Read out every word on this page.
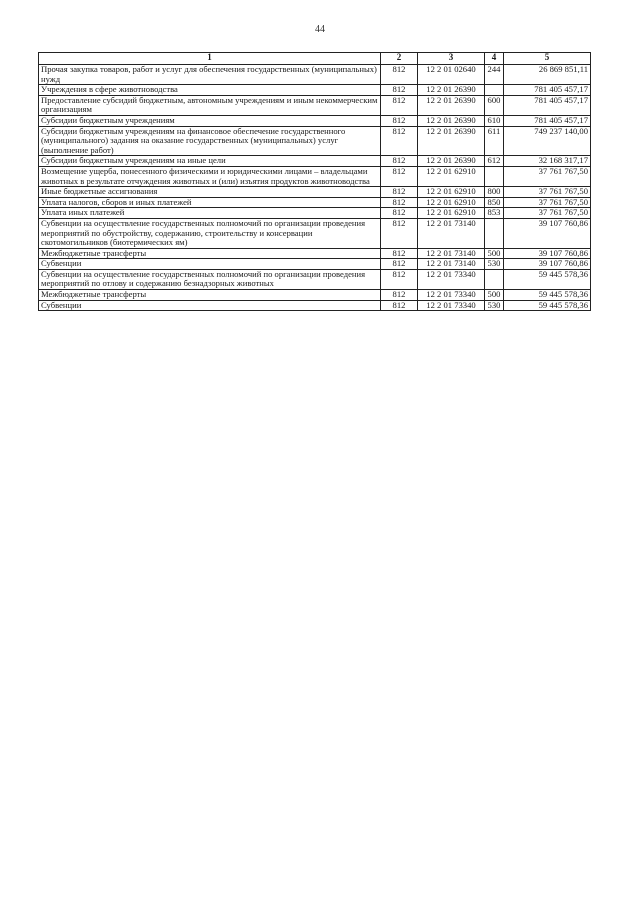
44
1	2	3	4	5
Прочая закупка товаров, работ и услуг для обеспечения государственных (муниципальных) нужд	812	12 2 01 02640	244	26 869 851,11
Учреждения в сфере животноводства	812	12 2 01 26390		781 405 457,17
Предоставление субсидий бюджетным, автономным учреждениям и иным некоммерческим организациям	812	12 2 01 26390	600	781 405 457,17
Субсидии бюджетным учреждениям	812	12 2 01 26390	610	781 405 457,17
Субсидии бюджетным учреждениям на финансовое обеспечение государственного (муниципального) задания на оказание государственных (муниципальных) услуг (выполнение работ)	812	12 2 01 26390	611	749 237 140,00
Субсидии бюджетным учреждениям на иные цели	812	12 2 01 26390	612	32 168 317,17
Возмещение ущерба, понесенного физическими и юридическими лицами – владельцами животных в результате отчуждения животных и (или) изъятия продуктов животноводства	812	12 2 01 62910		37 761 767,50
Иные бюджетные ассигнования	812	12 2 01 62910	800	37 761 767,50
Уплата налогов, сборов и иных платежей	812	12 2 01 62910	850	37 761 767,50
Уплата иных платежей	812	12 2 01 62910	853	37 761 767,50
Субвенции на осуществление государственных полномочий по организации проведения мероприятий по обустройству, содержанию, строительству и консервации скотомогильников (биотермических ям)	812	12 2 01 73140		39 107 760,86
Межбюджетные трансферты	812	12 2 01 73140	500	39 107 760,86
Субвенции	812	12 2 01 73140	530	39 107 760,86
Субвенции на осуществление государственных полномочий по организации проведения мероприятий по отлову и содержанию безнадзорных животных	812	12 2 01 73340		59 445 578,36
Межбюджетные трансферты	812	12 2 01 73340	500	59 445 578,36
Субвенции	812	12 2 01 73340	530	59 445 578,36
